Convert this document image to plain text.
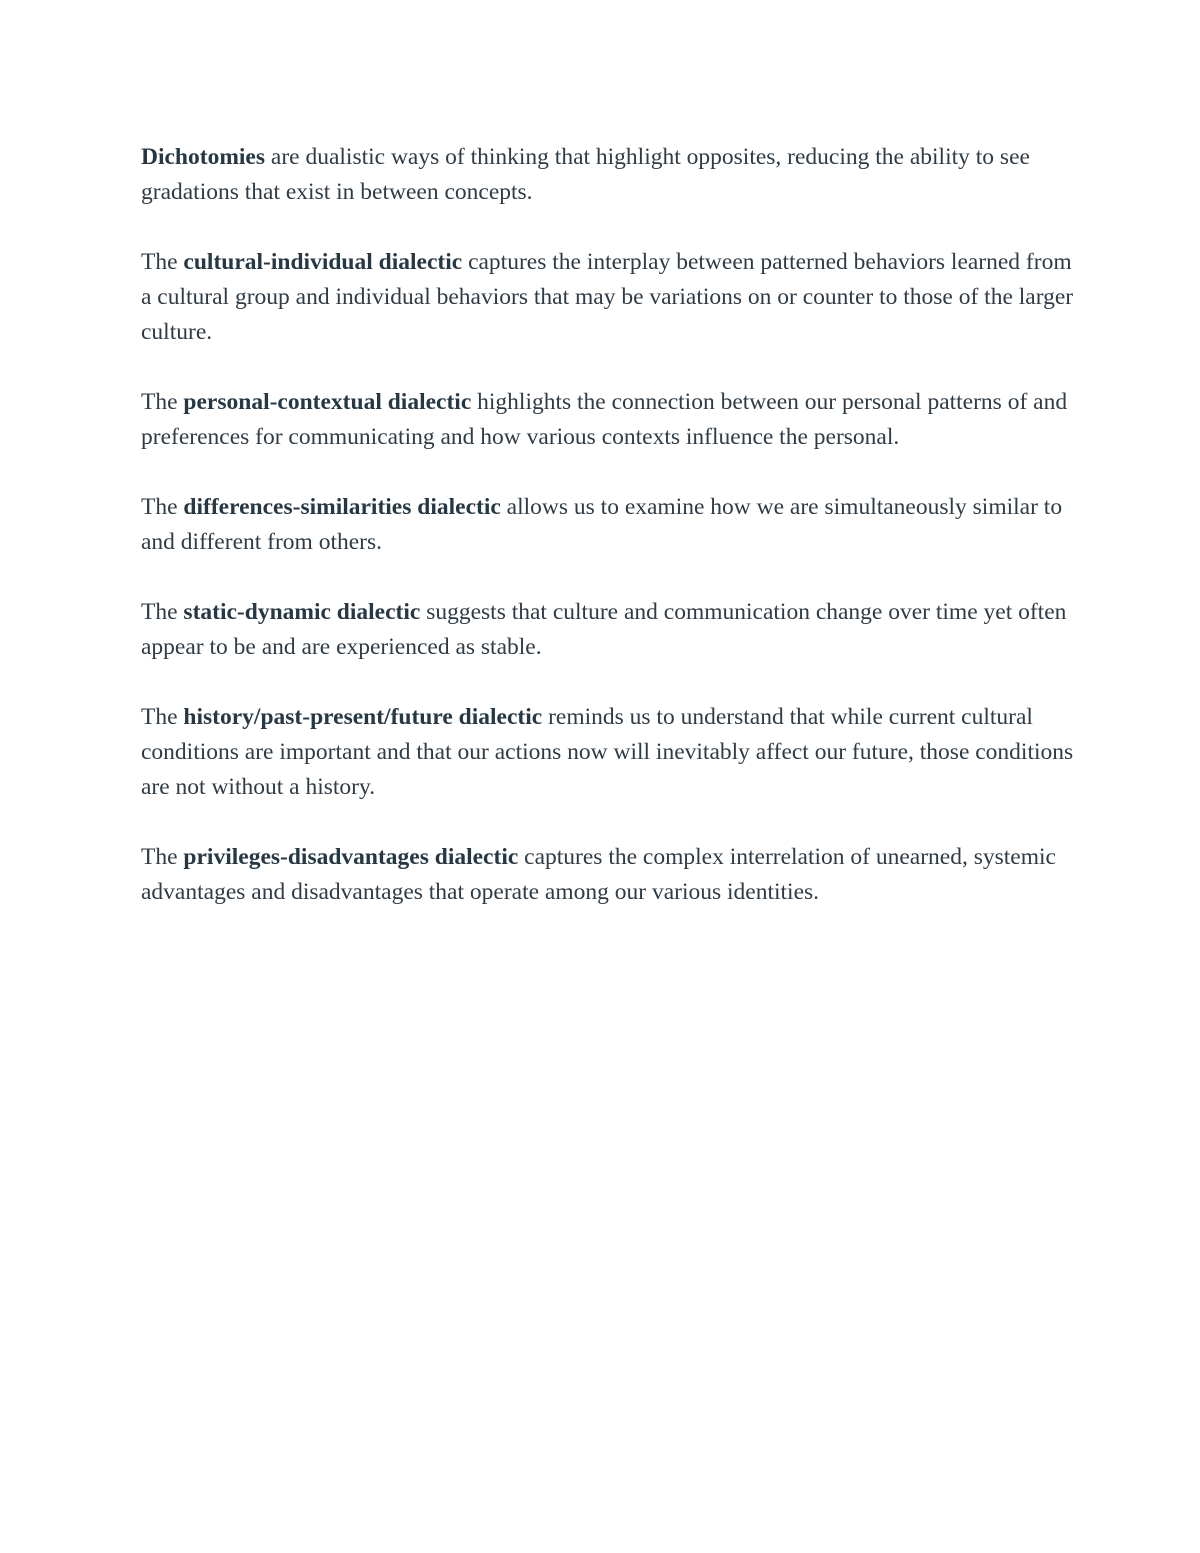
Dichotomies are dualistic ways of thinking that highlight opposites, reducing the ability to see gradations that exist in between concepts.

The cultural-individual dialectic captures the interplay between patterned behaviors learned from a cultural group and individual behaviors that may be variations on or counter to those of the larger culture.

The personal-contextual dialectic highlights the connection between our personal patterns of and preferences for communicating and how various contexts influence the personal.

The differences-similarities dialectic allows us to examine how we are simultaneously similar to and different from others.

The static-dynamic dialectic suggests that culture and communication change over time yet often appear to be and are experienced as stable.

The history/past-present/future dialectic reminds us to understand that while current cultural conditions are important and that our actions now will inevitably affect our future, those conditions are not without a history.

The privileges-disadvantages dialectic captures the complex interrelation of unearned, systemic advantages and disadvantages that operate among our various identities.
